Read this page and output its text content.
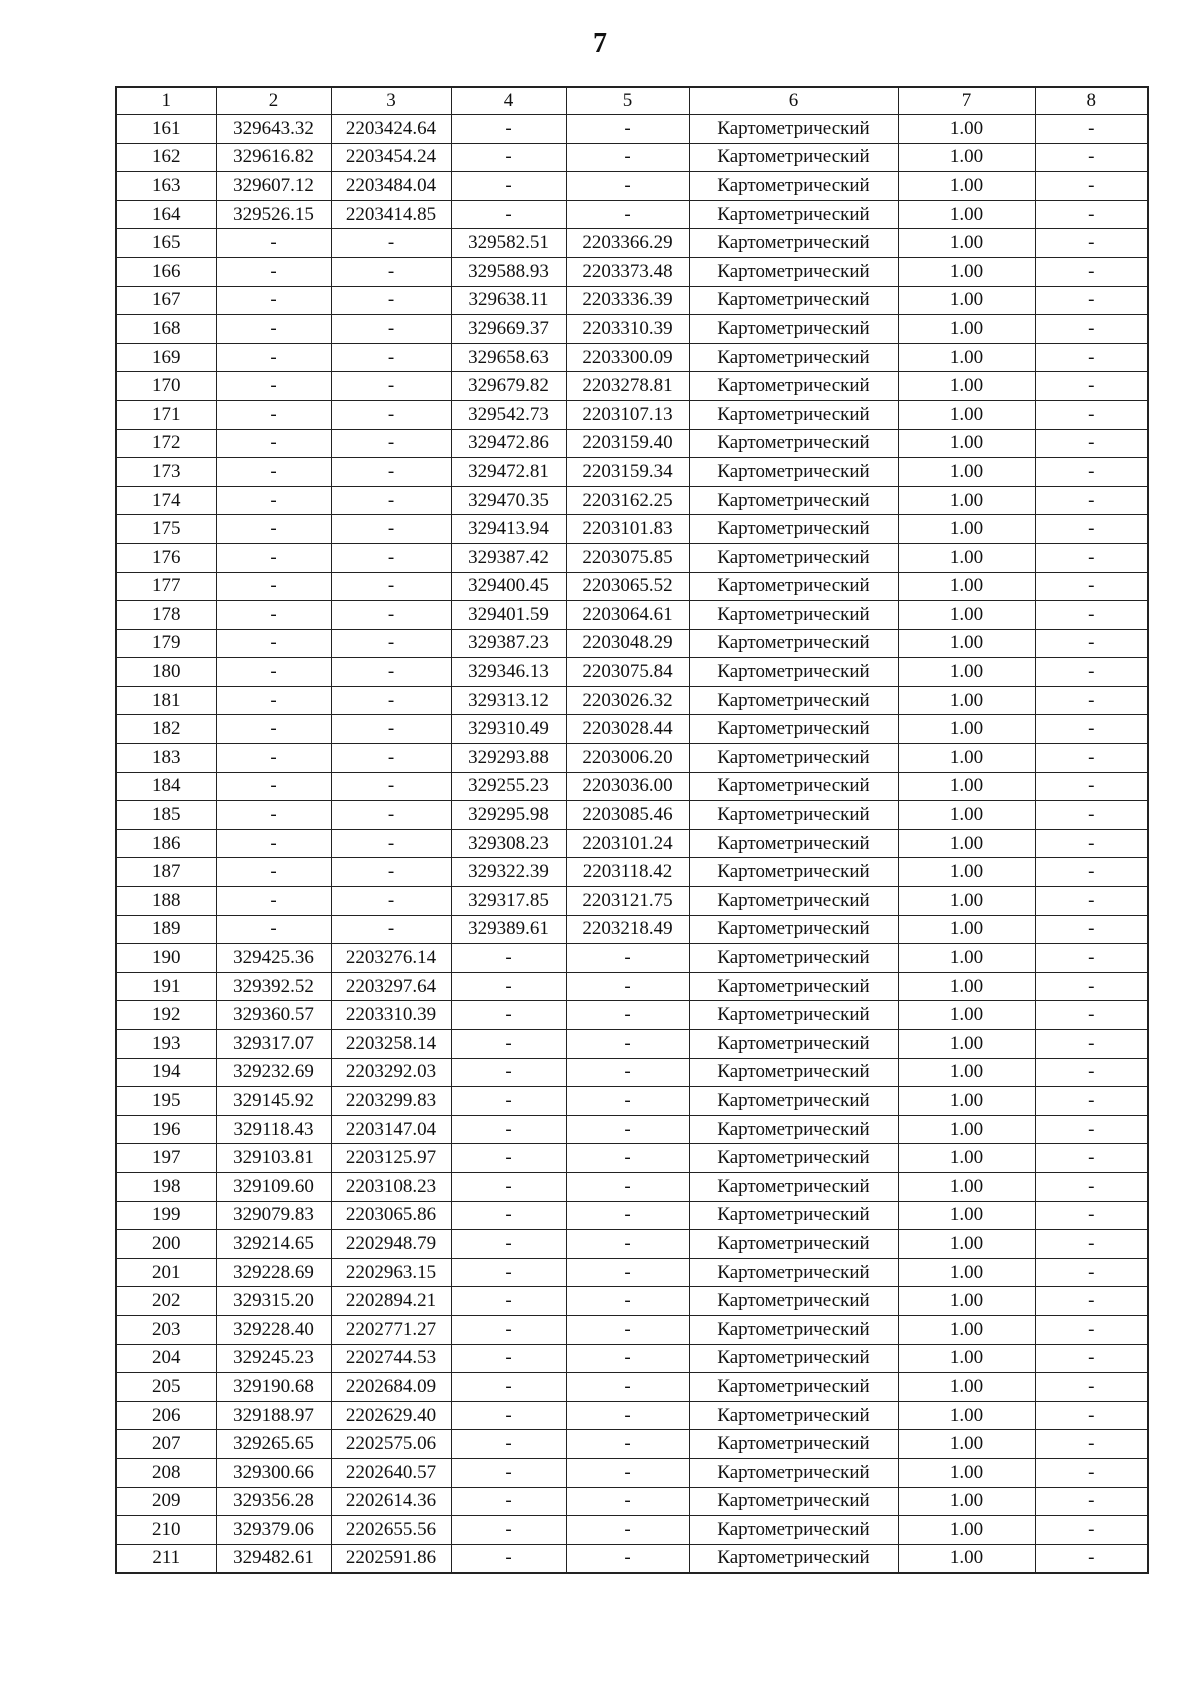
7
1	2	3	4	5	6	7	8
161	329643.32	2203424.64	-	-	Картометрический	1.00	-
162	329616.82	2203454.24	-	-	Картометрический	1.00	-
163	329607.12	2203484.04	-	-	Картометрический	1.00	-
164	329526.15	2203414.85	-	-	Картометрический	1.00	-
165	-	-	329582.51	2203366.29	Картометрический	1.00	-
166	-	-	329588.93	2203373.48	Картометрический	1.00	-
167	-	-	329638.11	2203336.39	Картометрический	1.00	-
168	-	-	329669.37	2203310.39	Картометрический	1.00	-
169	-	-	329658.63	2203300.09	Картометрический	1.00	-
170	-	-	329679.82	2203278.81	Картометрический	1.00	-
171	-	-	329542.73	2203107.13	Картометрический	1.00	-
172	-	-	329472.86	2203159.40	Картометрический	1.00	-
173	-	-	329472.81	2203159.34	Картометрический	1.00	-
174	-	-	329470.35	2203162.25	Картометрический	1.00	-
175	-	-	329413.94	2203101.83	Картометрический	1.00	-
176	-	-	329387.42	2203075.85	Картометрический	1.00	-
177	-	-	329400.45	2203065.52	Картометрический	1.00	-
178	-	-	329401.59	2203064.61	Картометрический	1.00	-
179	-	-	329387.23	2203048.29	Картометрический	1.00	-
180	-	-	329346.13	2203075.84	Картометрический	1.00	-
181	-	-	329313.12	2203026.32	Картометрический	1.00	-
182	-	-	329310.49	2203028.44	Картометрический	1.00	-
183	-	-	329293.88	2203006.20	Картометрический	1.00	-
184	-	-	329255.23	2203036.00	Картометрический	1.00	-
185	-	-	329295.98	2203085.46	Картометрический	1.00	-
186	-	-	329308.23	2203101.24	Картометрический	1.00	-
187	-	-	329322.39	2203118.42	Картометрический	1.00	-
188	-	-	329317.85	2203121.75	Картометрический	1.00	-
189	-	-	329389.61	2203218.49	Картометрический	1.00	-
190	329425.36	2203276.14	-	-	Картометрический	1.00	-
191	329392.52	2203297.64	-	-	Картометрический	1.00	-
192	329360.57	2203310.39	-	-	Картометрический	1.00	-
193	329317.07	2203258.14	-	-	Картометрический	1.00	-
194	329232.69	2203292.03	-	-	Картометрический	1.00	-
195	329145.92	2203299.83	-	-	Картометрический	1.00	-
196	329118.43	2203147.04	-	-	Картометрический	1.00	-
197	329103.81	2203125.97	-	-	Картометрический	1.00	-
198	329109.60	2203108.23	-	-	Картометрический	1.00	-
199	329079.83	2203065.86	-	-	Картометрический	1.00	-
200	329214.65	2202948.79	-	-	Картометрический	1.00	-
201	329228.69	2202963.15	-	-	Картометрический	1.00	-
202	329315.20	2202894.21	-	-	Картометрический	1.00	-
203	329228.40	2202771.27	-	-	Картометрический	1.00	-
204	329245.23	2202744.53	-	-	Картометрический	1.00	-
205	329190.68	2202684.09	-	-	Картометрический	1.00	-
206	329188.97	2202629.40	-	-	Картометрический	1.00	-
207	329265.65	2202575.06	-	-	Картометрический	1.00	-
208	329300.66	2202640.57	-	-	Картометрический	1.00	-
209	329356.28	2202614.36	-	-	Картометрический	1.00	-
210	329379.06	2202655.56	-	-	Картометрический	1.00	-
211	329482.61	2202591.86	-	-	Картометрический	1.00	-
